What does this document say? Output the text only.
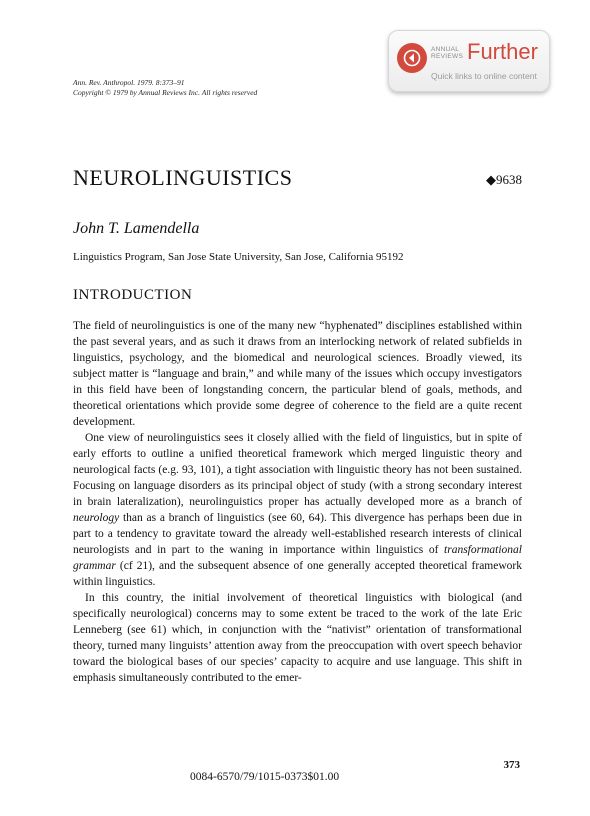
ANNUAL
REVIEWS Further
Quick links to online content
Ann. Rev. Anthropol. 1979. 8:373–91
Copyright © 1979 by Annual Reviews Inc. All rights reserved
NEUROLINGUISTICS	◆9638
John T. Lamendella
Linguistics Program, San Jose State University, San Jose, California 95192
INTRODUCTION

The field of neurolinguistics is one of the many new “hyphenated” disciplines established within the past several years, and as such it draws from an interlocking network of related subfields in linguistics, psychology, and the biomedical and neurological sciences. Broadly viewed, its subject matter is “language and brain,” and while many of the issues which occupy investigators in this field have been of longstanding concern, the particular blend of goals, methods, and theoretical orientations which provide some degree of coherence to the field are a quite recent development.

One view of neurolinguistics sees it closely allied with the field of linguistics, but in spite of early efforts to outline a unified theoretical framework which merged linguistic theory and neurological facts (e.g. 93, 101), a tight association with linguistic theory has not been sustained. Focusing on language disorders as its principal object of study (with a strong secondary interest in brain lateralization), neurolinguistics proper has actually developed more as a branch of neurology than as a branch of linguistics (see 60, 64). This divergence has perhaps been due in part to a tendency to gravitate toward the already well-established research interests of clinical neurologists and in part to the waning in importance within linguistics of transformational grammar (cf 21), and the subsequent absence of one generally accepted theoretical framework within linguistics.

In this country, the initial involvement of theoretical linguistics with biological (and specifically neurological) concerns may to some extent be traced to the work of the late Eric Lenneberg (see 61) which, in conjunction with the “nativist” orientation of transformational theory, turned many linguists’ attention away from the preoccupation with overt speech behavior toward the biological bases of our species’ capacity to acquire and use language. This shift in emphasis simultaneously contributed to the emer-

373
0084-6570/79/1015-0373$01.00
